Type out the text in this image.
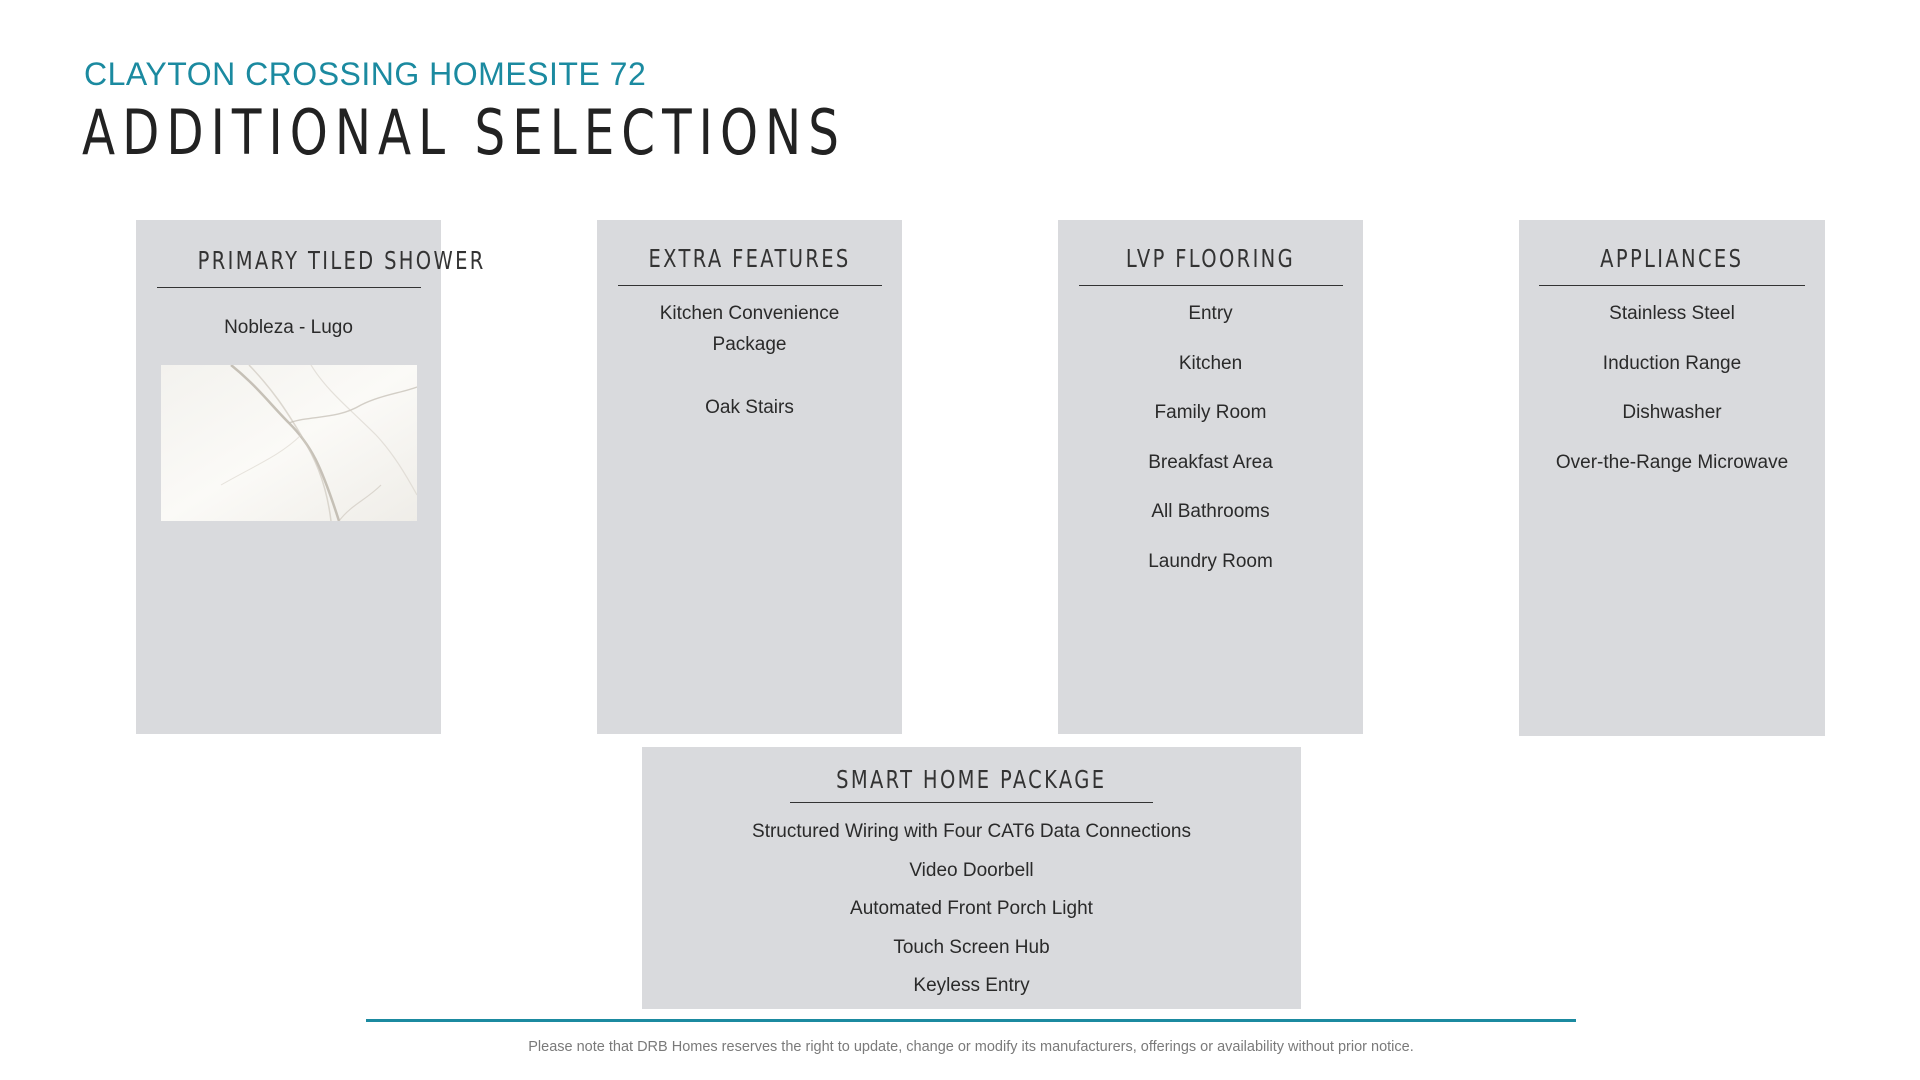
CLAYTON CROSSING HOMESITE 72
ADDITIONAL SELECTIONS
PRIMARY TILED SHOWER
Nobleza - Lugo
EXTRA FEATURES
Kitchen Convenience Package
Oak Stairs
LVP FLOORING
Entry
Kitchen
Family Room
Breakfast Area
All Bathrooms
Laundry Room
APPLIANCES
Stainless Steel
Induction Range
Dishwasher
Over-the-Range Microwave
SMART HOME PACKAGE
Structured Wiring with Four CAT6 Data Connections
Video Doorbell
Automated Front Porch Light
Touch Screen Hub
Keyless Entry
Please note that DRB Homes reserves the right to update, change or modify its manufacturers, offerings or availability without prior notice.
